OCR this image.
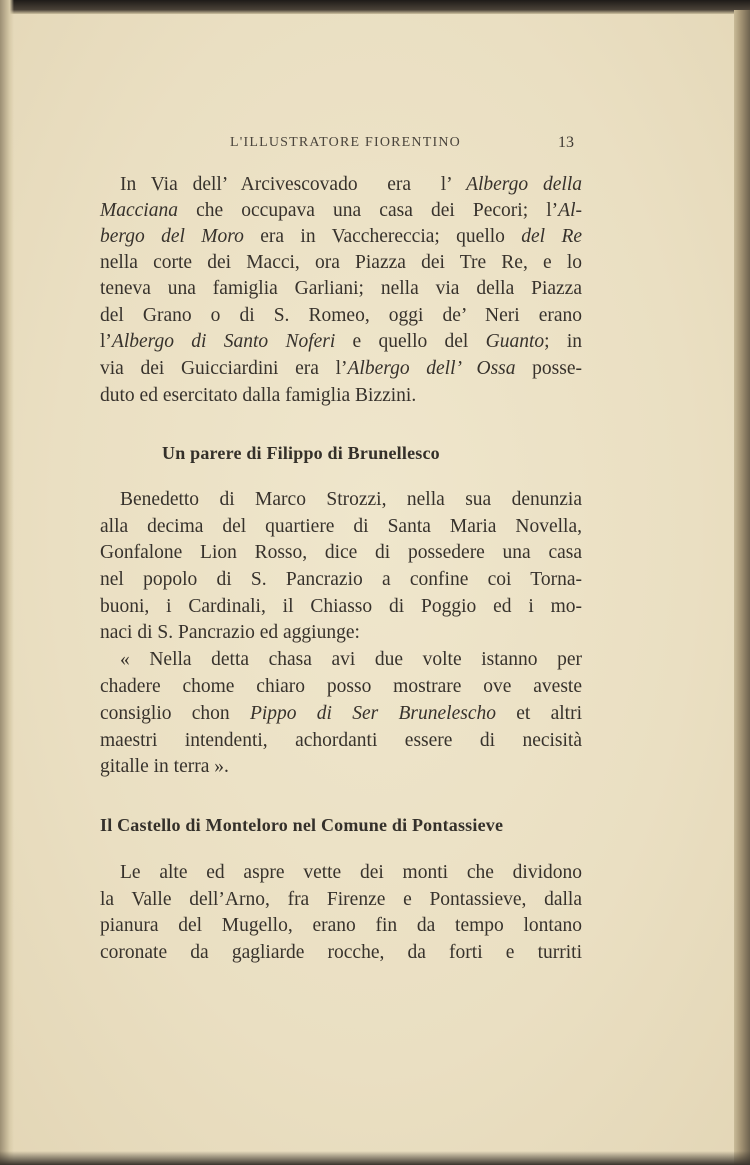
L'ILLUSTRATORE FIORENTINO	13
In Via dell’ Arcivescovado  era  l’ Albergo della
Macciana che occupava una casa dei Pecori; l’Al-
bergo del Moro era in Vacchereccia; quello del Re
nella corte dei Macci, ora Piazza dei Tre Re, e lo
teneva una famiglia Garliani; nella via della Piazza
del Grano o di S. Romeo, oggi de’ Neri erano
l’Albergo di Santo Noferi e quello del Guanto; in
via dei Guicciardini era l’Albergo dell’ Ossa posse-
duto ed esercitato dalla famiglia Bizzini.
Un parere di Filippo di Brunellesco
Benedetto di Marco Strozzi, nella sua denunzia
alla decima del quartiere di Santa Maria Novella,
Gonfalone Lion Rosso, dice di possedere una casa
nel popolo di S. Pancrazio a confine coi Torna-
buoni, i Cardinali, il Chiasso di Poggio ed i mo-
naci di S. Pancrazio ed aggiunge:
« Nella detta chasa avi due volte istanno per
chadere chome chiaro posso mostrare ove aveste
consiglio chon Pippo di Ser Brunelescho et altri
maestri intendenti, achordanti essere di necisità
gitalle in terra ».
Il Castello di Monteloro nel Comune di Pontassieve
Le alte ed aspre vette dei monti che dividono
la Valle dell’Arno, fra Firenze e Pontassieve, dalla
pianura del Mugello, erano fin da tempo lontano
coronate da gagliarde rocche, da forti e turriti
